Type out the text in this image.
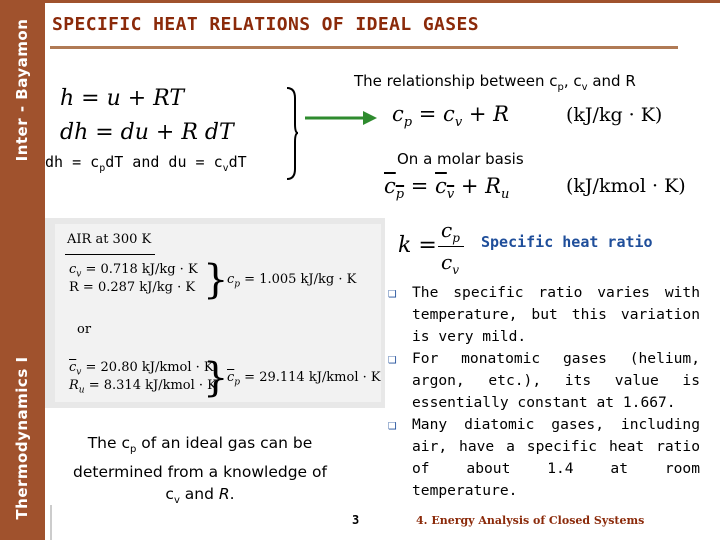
Inter - Bayamon
Thermodynamics I
SPECIFIC HEAT RELATIONS OF IDEAL GASES
h = u + RT
dh = du + R dT
dh = $c_pdT$ and du = $c_vdT$
The relationship between $c_p$, $c_v$ and R
$c_p = c_v + R$	(kJ/kg · K)
On a molar basis
$c_p = c_v + R_u$	(kJ/kmol · K)
k =
$c_p$
$c_v$
Specific heat ratio
AIR at 300 K
$c_v = 0.718$ kJ/kg · K
R = 0.287 kJ/kg · K }
$c_p = 1.005$ kJ/kg · K
or
$\overline{c}_v = 20.80$ kJ/kmol · K
$R_u = 8.314$ kJ/kmol · K
}
$\overline{c}_p = 29.114$ kJ/kmol · K
The $c_p$ of an ideal gas can be
determined from a knowledge of
$c_v$ and R.
❑	The specific ratio varies with temperature, but this variation is very mild.
❑	For monatomic gases (helium, argon, etc.), its value is essentially constant at 1.667.
❑	Many diatomic gases, including air, have a specific heat ratio of about 1.4 at room temperature.
3	4. Energy Analysis of Closed Systems
